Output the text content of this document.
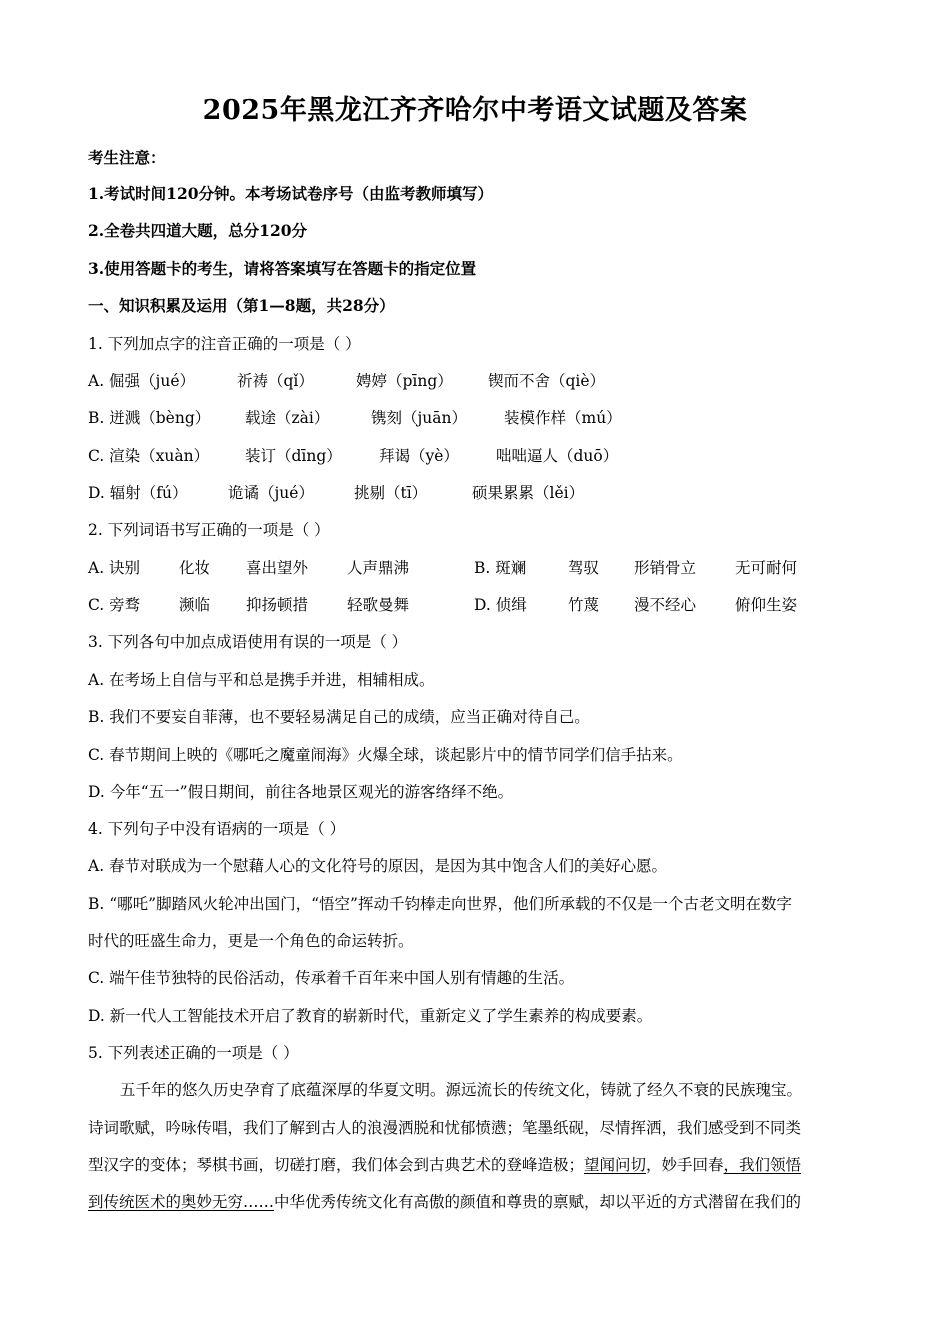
2025年黑龙江齐齐哈尔中考语文试题及答案
考生注意：
1.考试时间120分钟。本考场试卷序号（由监考教师填写）
2.全卷共四道大题，总分120分
3.使用答题卡的考生，请将答案填写在答题卡的指定位置
一、知识积累及运用（第1—8题，共28分）
1. 下列加点字的注音正确的一项是（ ）
A. 倔强（jué）	祈祷（qǐ）	娉婷（pīng） 锲而不舍（qiè）
B. 迸溅（bèng） 载途（zài）	镌刻（juān） 装模作样（mú）
C. 渲染（xuàn） 装订（dīng） 拜谒（yè） 咄咄逼人（duō）
D. 辐射（fú）	诡谲（jué）	挑剔（tī）	硕果累累（lěi）
2. 下列词语书写正确的一项是（ ）
A. 诀别	化妆 喜出望外	人声鼎沸	B. 斑斓	驾驭 形销骨立	无可耐何
C. 旁骛	濒临 抑扬顿措	轻歌曼舞	D. 侦缉	竹蔑 漫不经心	俯仰生姿
3. 下列各句中加点成语使用有误的一项是（ ）
A. 在考场上自信与平和总是携手并进，相辅相成。
B. 我们不要妄自菲薄，也不要轻易满足自己的成绩，应当正确对待自己。
C. 春节期间上映的《哪吒之魔童闹海》火爆全球，谈起影片中的情节同学们信手拈来。
D. 今年“五一”假日期间，前往各地景区观光的游客络绎不绝。
4. 下列句子中没有语病的一项是（ ）
A. 春节对联成为一个慰藉人心的文化符号的原因，是因为其中饱含人们的美好心愿。
B. “哪吒”脚踏风火轮冲出国门，“悟空”挥动千钧棒走向世界，他们所承载的不仅是一个古老文明在数字
时代的旺盛生命力，更是一个角色的命运转折。
C. 端午佳节独特的民俗活动，传承着千百年来中国人别有情趣的生活。
D. 新一代人工智能技术开启了教育的崭新时代，重新定义了学生素养的构成要素。
5. 下列表述正确的一项是（ ）
五千年的悠久历史孕育了底蕴深厚的华夏文明。源远流长的传统文化，铸就了经久不衰的民族瑰宝。
诗词歌赋，吟咏传唱，我们了解到古人的浪漫洒脱和忧郁愤懑；笔墨纸砚，尽情挥洒，我们感受到不同类
型汉字的变体；琴棋书画，切磋打磨，我们体会到古典艺术的登峰造极；望闻问切，妙手回春，我们领悟
到传统医术的奥妙无穷……中华优秀传统文化有高傲的颜值和尊贵的禀赋，却以平近的方式潜留在我们的
